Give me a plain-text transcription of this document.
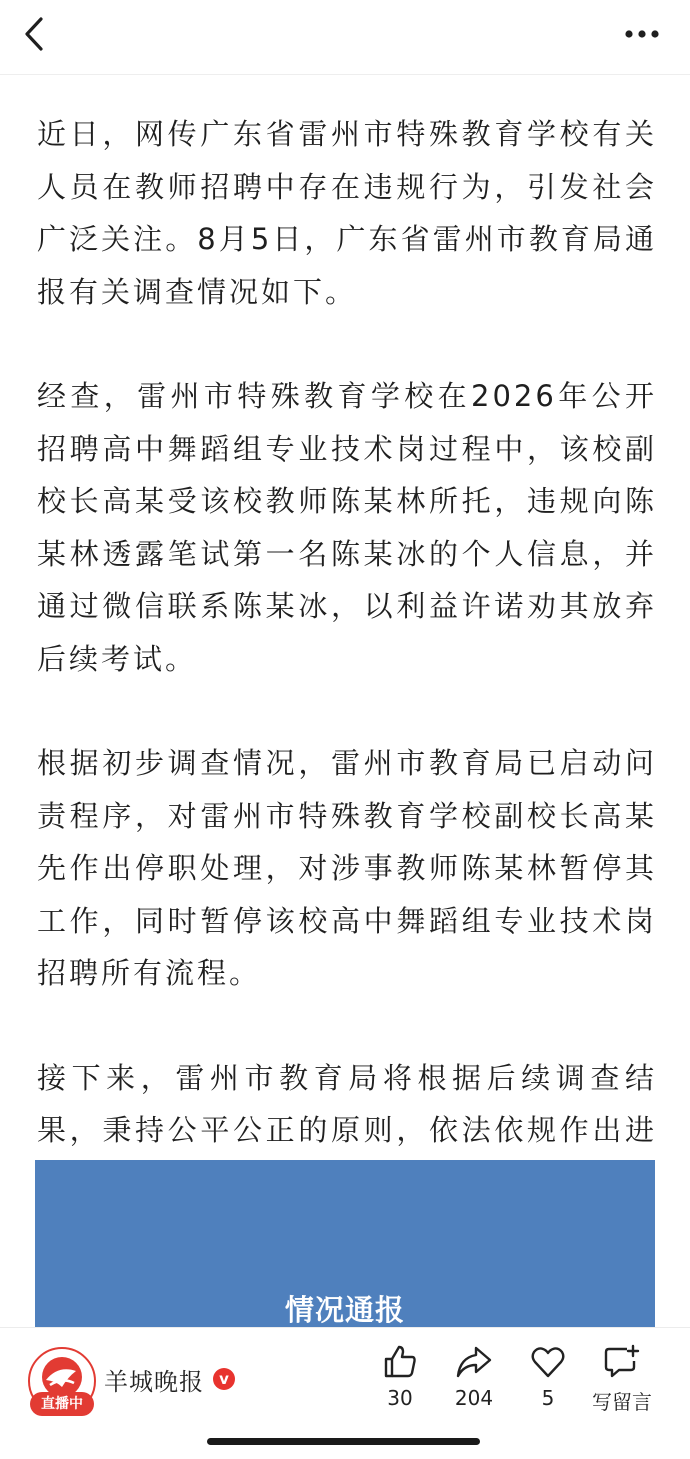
近日，网传广东省雷州市特殊教育学校有关人员在教师招聘中存在违规行为，引发社会广泛关注。8月5日，广东省雷州市教育局通报有关调查情况如下。

经查，雷州市特殊教育学校在2026年公开招聘高中舞蹈组专业技术岗过程中，该校副校长高某受该校教师陈某林所托，违规向陈某林透露笔试第一名陈某冰的个人信息，并通过微信联系陈某冰，以利益许诺劝其放弃后续考试。

根据初步调查情况，雷州市教育局已启动问责程序，对雷州市特殊教育学校副校长高某先作出停职处理，对涉事教师陈某林暂停其工作，同时暂停该校高中舞蹈组专业技术岗招聘所有流程。

接下来，雷州市教育局将根据后续调查结果，秉持公平公正的原则，依法依规作出进

情况通报
直播中
羊城晚报	v
30	204	5	写留言
